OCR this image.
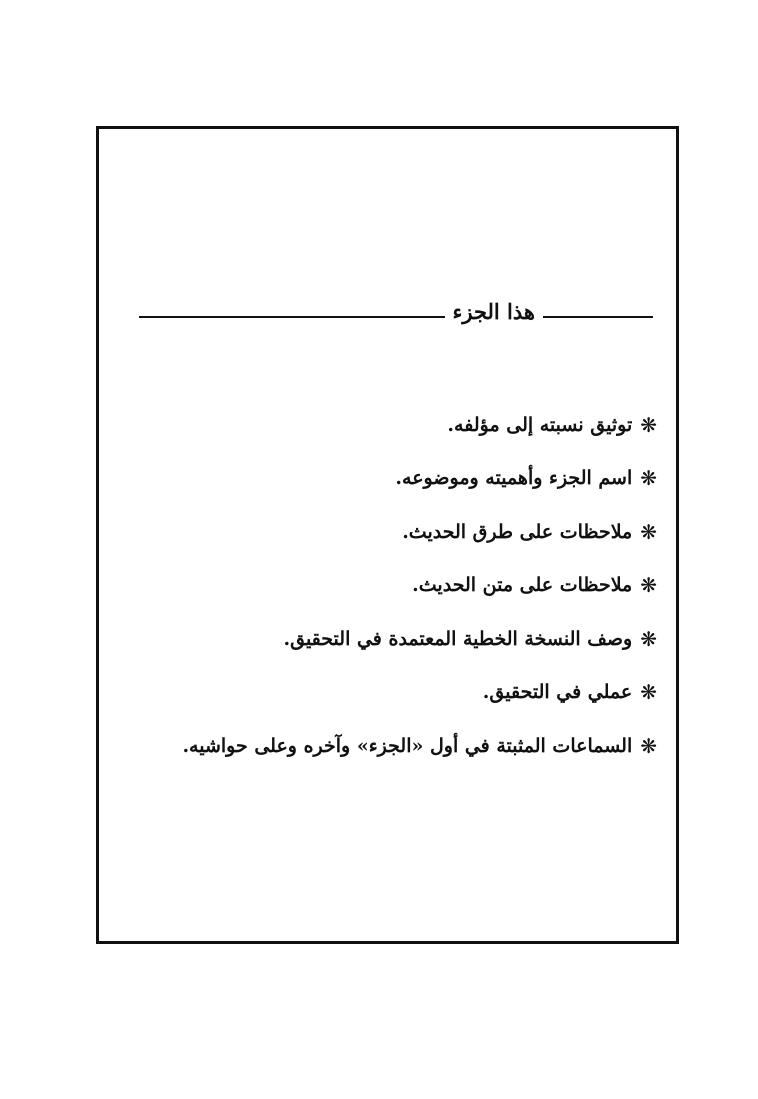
هذا الجزء
❋
توثيق نسبته إلى مؤلفه.
❋
اسم الجزء وأهميته وموضوعه.
❋
ملاحظات على طرق الحديث.
❋
ملاحظات على متن الحديث.
❋
وصف النسخة الخطية المعتمدة في التحقيق.
❋
عملي في التحقيق.
❋
السماعات المثبتة في أول «الجزء» وآخره وعلى حواشيه.
